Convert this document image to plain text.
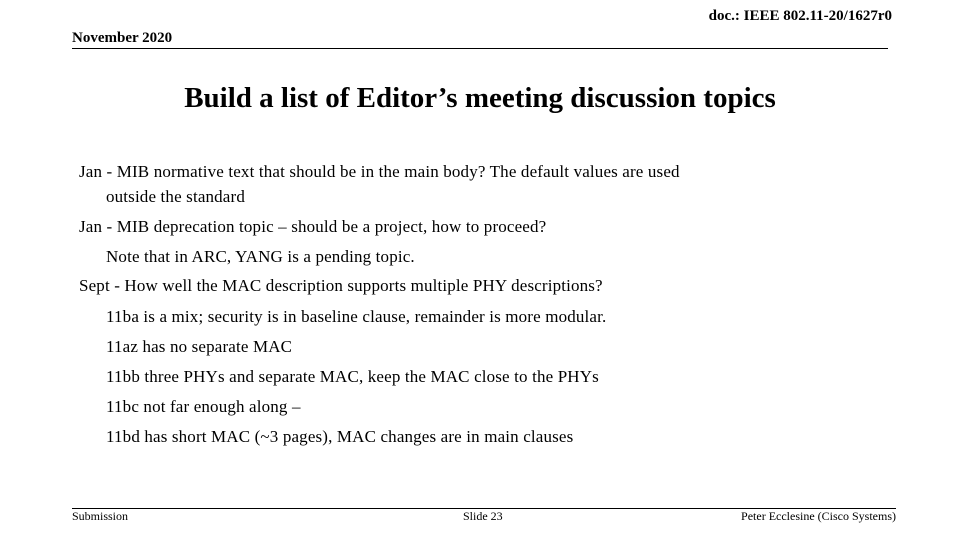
doc.: IEEE 802.11-20/1627r0
November 2020
Build a list of Editor’s meeting discussion topics
Jan - MIB normative text that should be in the main body? The default values are used
outside the standard
Jan - MIB deprecation topic – should be a project, how to proceed?
Note that in ARC, YANG is a pending topic.
Sept - How well the MAC description supports multiple PHY descriptions?
11ba is a mix; security is in baseline clause, remainder is more modular.
11az has no separate MAC
11bb three PHYs and separate MAC, keep the MAC close to the PHYs
11bc not far enough along –
11bd has short MAC (~3 pages), MAC changes are in main clauses
Submission	Slide 23	Peter Ecclesine (Cisco Systems)
